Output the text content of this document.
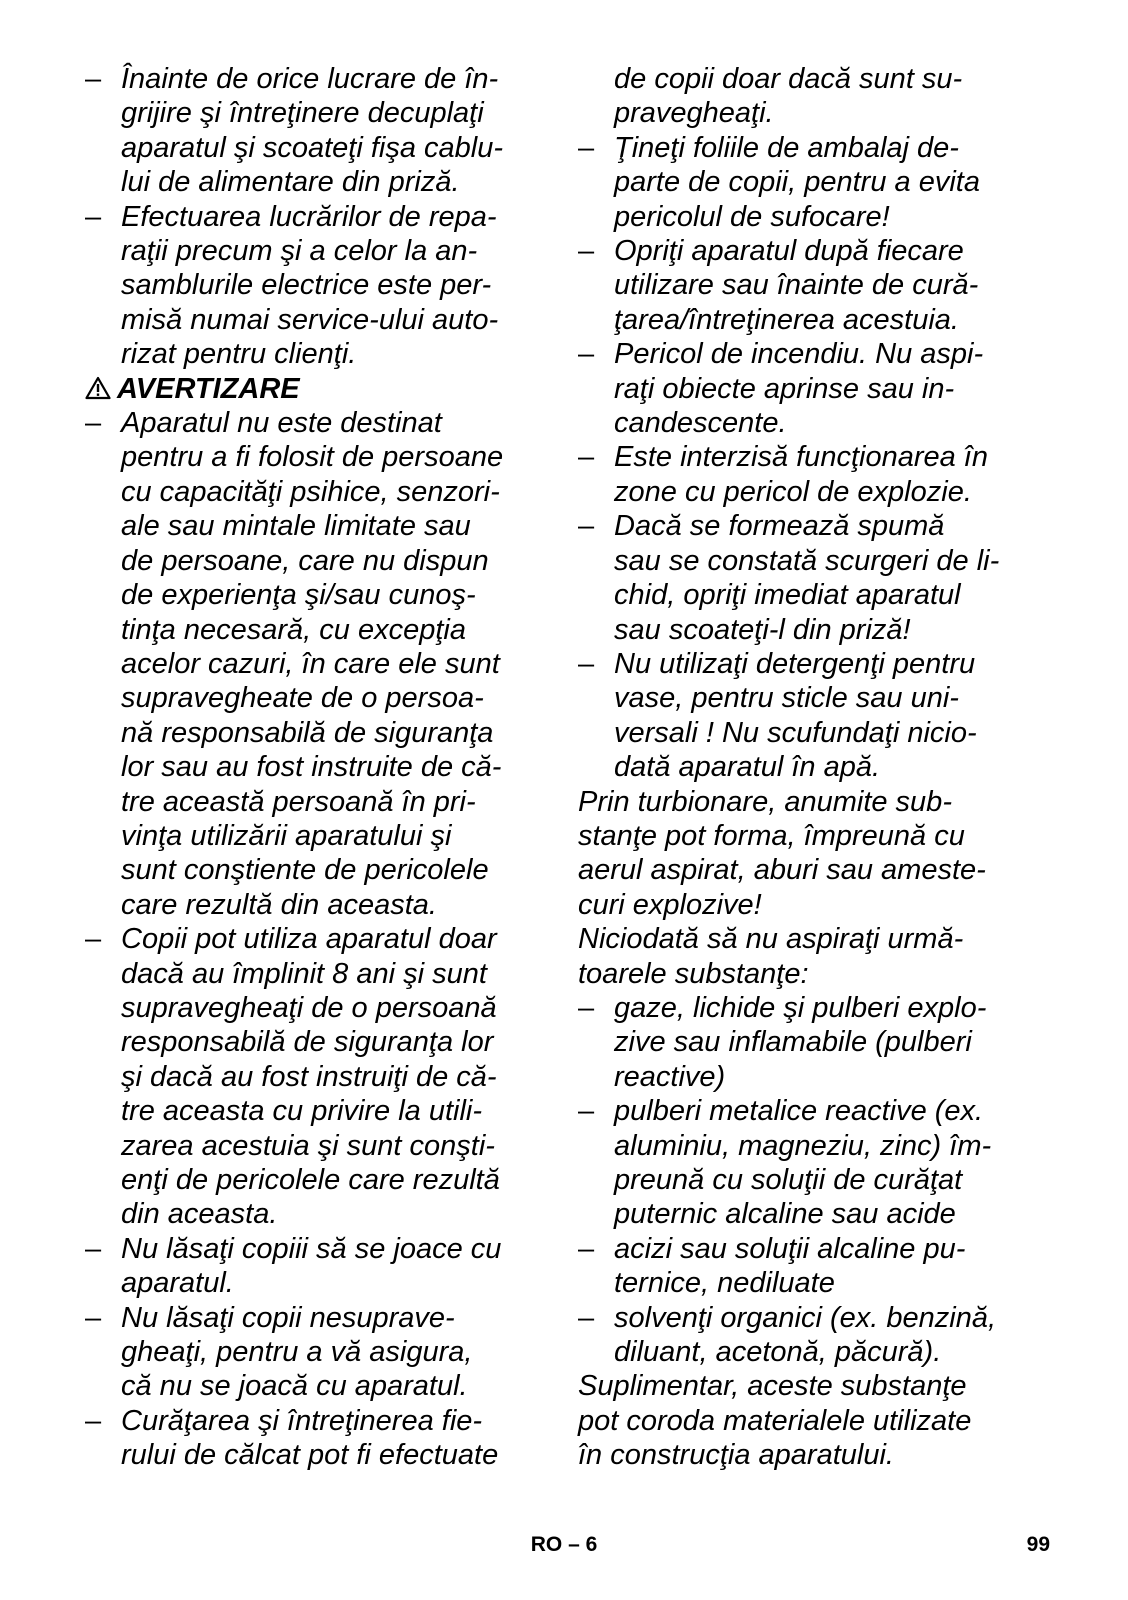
– Înainte de orice lucrare de în-
grijire şi întreţinere decuplaţi
aparatul şi scoateţi fişa cablu-
lui de alimentare din priză.
– Efectuarea lucrărilor de repa-
raţii precum şi a celor la an-
samblurile electrice este per-
misă numai service-ului auto-
rizat pentru clienţi.
AVERTIZARE
– Aparatul nu este destinat
pentru a fi folosit de persoane
cu capacităţi psihice, senzori-
ale sau mintale limitate sau
de persoane, care nu dispun
de experienţa şi/sau cunoş-
tinţa necesară, cu excepţia
acelor cazuri, în care ele sunt
supravegheate de o persoa-
nă responsabilă de siguranţa
lor sau au fost instruite de că-
tre această persoană în pri-
vinţa utilizării aparatului şi
sunt conştiente de pericolele
care rezultă din aceasta.
– Copii pot utiliza aparatul doar
dacă au împlinit 8 ani şi sunt
supravegheaţi de o persoană
responsabilă de siguranţa lor
şi dacă au fost instruiţi de că-
tre aceasta cu privire la utili-
zarea acestuia şi sunt conşti-
enţi de pericolele care rezultă
din aceasta.
– Nu lăsaţi copiii să se joace cu
aparatul.
– Nu lăsaţi copii nesuprave-
gheaţi, pentru a vă asigura,
că nu se joacă cu aparatul.
– Curăţarea şi întreţinerea fie-
rului de călcat pot fi efectuate
de copii doar dacă sunt su-
pravegheaţi.
– Ţineţi foliile de ambalaj de-
parte de copii, pentru a evita
pericolul de sufocare!
– Opriţi aparatul după fiecare
utilizare sau înainte de cură-
ţarea/întreţinerea acestuia.
– Pericol de incendiu. Nu aspi-
raţi obiecte aprinse sau in-
candescente.
– Este interzisă funcţionarea în
zone cu pericol de explozie.
– Dacă se formează spumă
sau se constată scurgeri de li-
chid, opriţi imediat aparatul
sau scoateţi-l din priză!
– Nu utilizaţi detergenţi pentru
vase, pentru sticle sau uni-
versali ! Nu scufundaţi nicio-
dată aparatul în apă.
Prin turbionare, anumite sub-
stanţe pot forma, împreună cu
aerul aspirat, aburi sau ameste-
curi explozive!
Niciodată să nu aspiraţi urmă-
toarele substanţe:
– gaze, lichide şi pulberi explo-
zive sau inflamabile (pulberi
reactive)
– pulberi metalice reactive (ex.
aluminiu, magneziu, zinc) îm-
preună cu soluţii de curăţat
puternic alcaline sau acide
– acizi sau soluţii alcaline pu-
ternice, nediluate
– solvenţi organici (ex. benzină,
diluant, acetonă, păcură).
Suplimentar, aceste substanţe
pot coroda materialele utilizate
în construcţia aparatului.
RO – 6	99
